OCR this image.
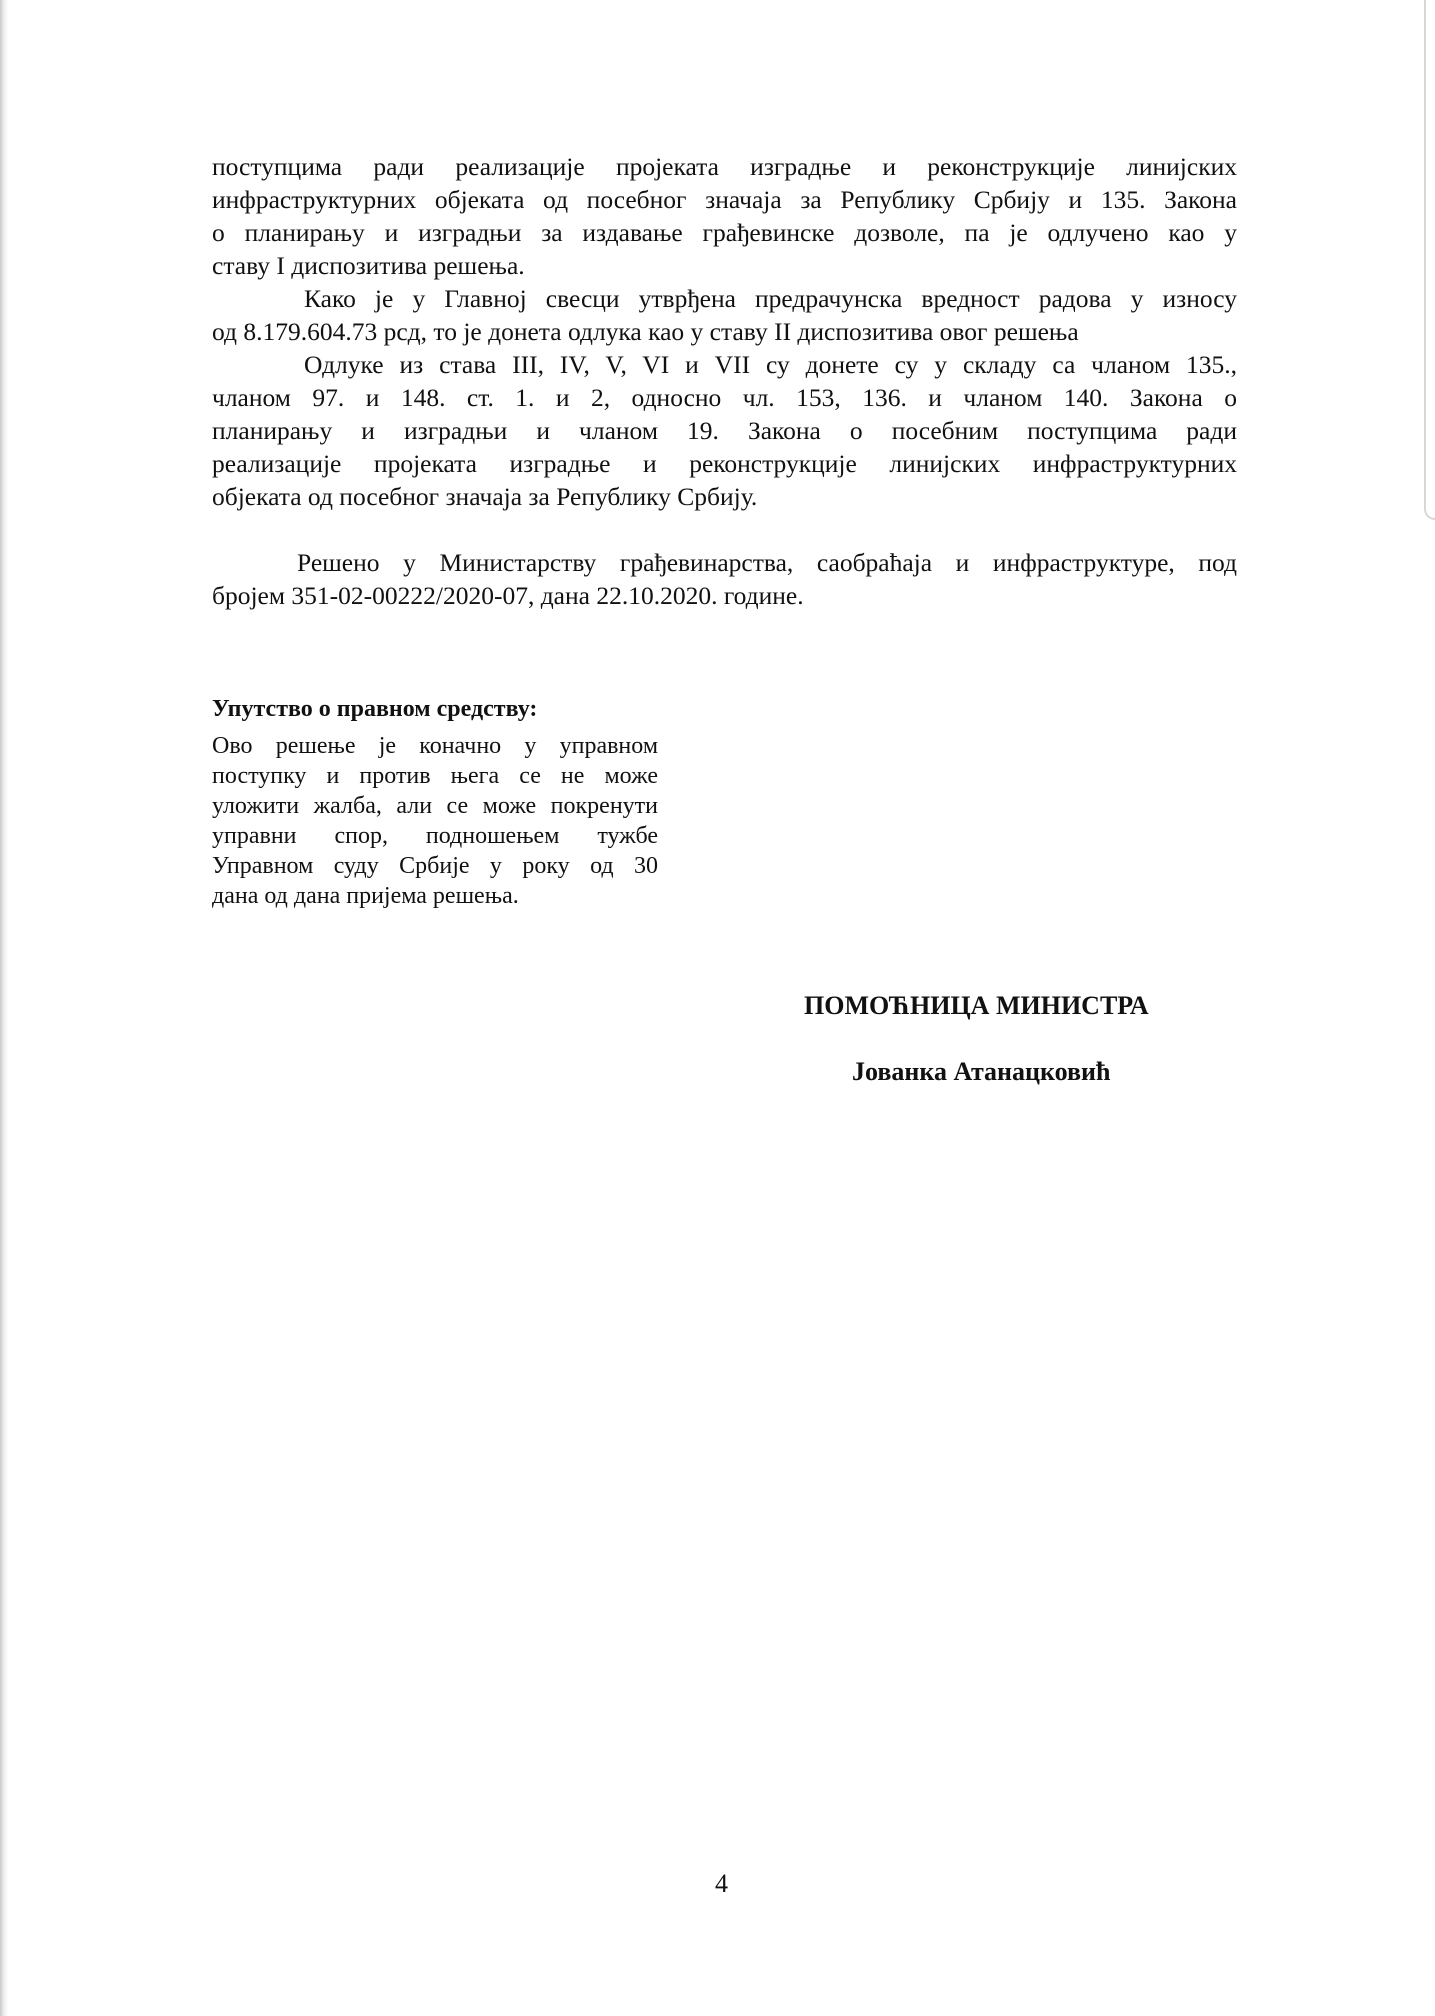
поступцима ради реализације пројеката изградње и реконструкције линијских
инфраструктурних објеката од посебног значаја за Републику Србију и 135. Закона
о планирању и изградњи за издавање грађевинске дозволе, па је одлучено као у
ставу I диспозитива решења.
Како је у Главној свесци утврђена предрачунска вредност радова у износу
од 8.179.604.73 рсд, то је донета одлука као у ставу II диспозитива овог решења
Одлуке из става III, IV, V, VI и VII су донете су у складу са чланом 135.,
чланом 97. и 148. ст. 1. и 2, односно чл. 153, 136. и чланом 140. Закона о
планирању и изградњи и чланом 19. Закона о посебним поступцима ради
реализације пројеката изградње и реконструкције линијских инфраструктурних
објеката од посебног значаја за Републику Србију.
Решено у Министарству грађевинарства, саобраћаја и инфраструктуре, под
бројем 351-02-00222/2020-07, дана 22.10.2020. године.

Упутство о правном средству:

Ово решење је коначно у управном
поступку и против њега се не може
уложити жалба, али се може покренути
управни спор, подношењем тужбе
Управном суду Србије у року од 30
дана од дана пријема решења.

ПОМОЋНИЦА МИНИСТРА

Јованка Атанацковић

4
